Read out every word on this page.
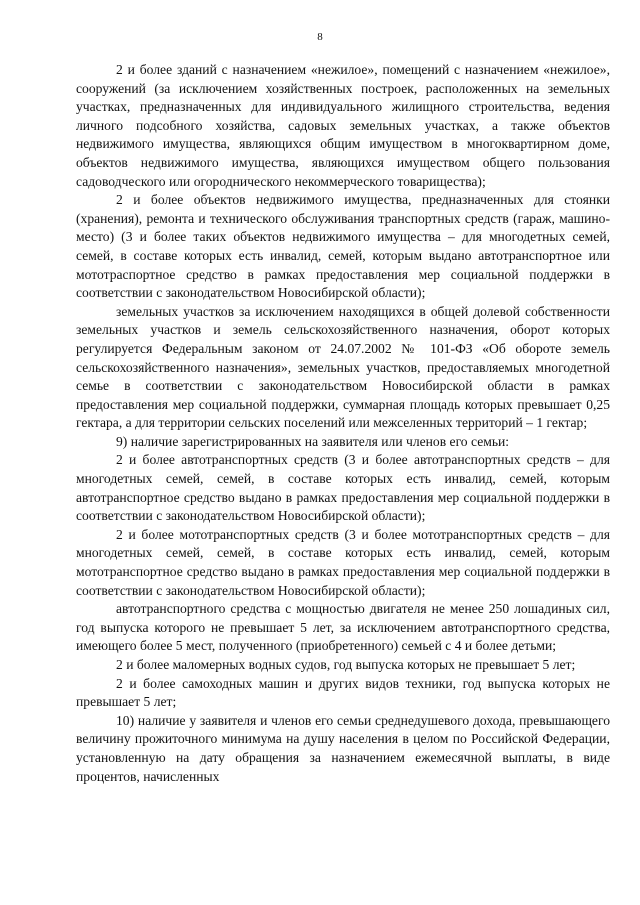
8

2 и более зданий с назначением «нежилое», помещений с назначением «нежилое», сооружений (за исключением хозяйственных построек, расположенных на земельных участках, предназначенных для индивидуального жилищного строительства, ведения личного подсобного хозяйства, садовых земельных участках, а также объектов недвижимого имущества, являющихся общим имуществом в многоквартирном доме, объектов недвижимого имущества, являющихся имуществом общего пользования садоводческого или огороднического некоммерческого товарищества);

2 и более объектов недвижимого имущества, предназначенных для стоянки (хранения), ремонта и технического обслуживания транспортных средств (гараж, машино-место) (3 и более таких объектов недвижимого имущества – для многодетных семей, семей, в составе которых есть инвалид, семей, которым выдано автотранспортное или мототраспортное средство в рамках предоставления мер социальной поддержки в соответствии с законодательством Новосибирской области);

земельных участков за исключением находящихся в общей долевой собственности земельных участков и земель сельскохозяйственного назначения, оборот которых регулируется Федеральным законом от 24.07.2002 № 101-ФЗ «Об обороте земель сельскохозяйственного назначения», земельных участков, предоставляемых многодетной семье в соответствии с законодательством Новосибирской области в рамках предоставления мер социальной поддержки, суммарная площадь которых превышает 0,25 гектара, а для территории сельских поселений или межселенных территорий – 1 гектар;

9) наличие зарегистрированных на заявителя или членов его семьи:

2 и более автотранспортных средств (3 и более автотранспортных средств – для многодетных семей, семей, в составе которых есть инвалид, семей, которым автотранспортное средство выдано в рамках предоставления мер социальной поддержки в соответствии с законодательством Новосибирской области);

2 и более мототранспортных средств (3 и более мототранспортных средств – для многодетных семей, семей, в составе которых есть инвалид, семей, которым мототранспортное средство выдано в рамках предоставления мер социальной поддержки в соответствии с законодательством Новосибирской области);

автотранспортного средства с мощностью двигателя не менее 250 лошадиных сил, год выпуска которого не превышает 5 лет, за исключением автотранспортного средства, имеющего более 5 мест, полученного (приобретенного) семьей с 4 и более детьми;

2 и более маломерных водных судов, год выпуска которых не превышает 5 лет;

2 и более самоходных машин и других видов техники, год выпуска которых не превышает 5 лет;

10) наличие у заявителя и членов его семьи среднедушевого дохода, превышающего величину прожиточного минимума на душу населения в целом по Российской Федерации, установленную на дату обращения за назначением ежемесячной выплаты, в виде процентов, начисленных
